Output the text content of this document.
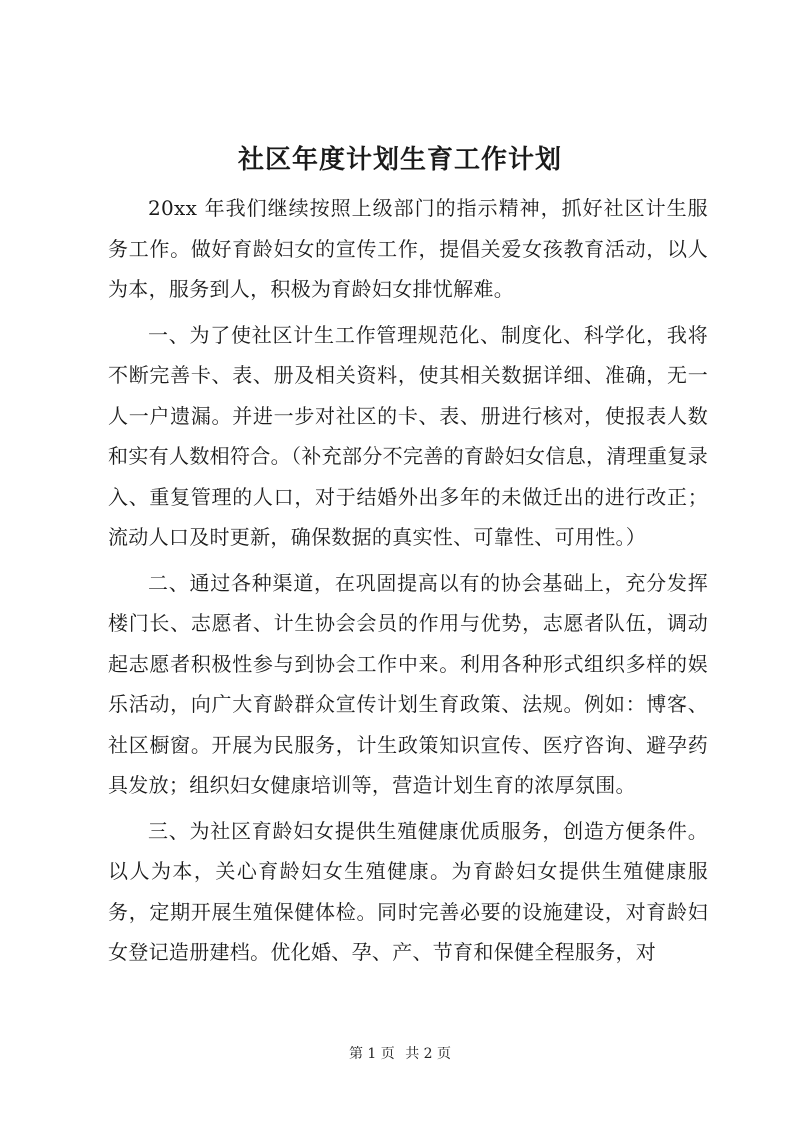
社区年度计划生育工作计划

20xx 年我们继续按照上级部门的指示精神，抓好社区计生服务工作。做好育龄妇女的宣传工作，提倡关爱女孩教育活动，以人为本，服务到人，积极为育龄妇女排忧解难。

一、为了使社区计生工作管理规范化、制度化、科学化，我将不断完善卡、表、册及相关资料，使其相关数据详细、准确，无一人一户遗漏。并进一步对社区的卡、表、册进行核对，使报表人数和实有人数相符合。（补充部分不完善的育龄妇女信息，清理重复录入、重复管理的人口，对于结婚外出多年的未做迁出的进行改正；流动人口及时更新，确保数据的真实性、可靠性、可用性。）

二、通过各种渠道，在巩固提高以有的协会基础上，充分发挥楼门长、志愿者、计生协会会员的作用与优势，志愿者队伍，调动起志愿者积极性参与到协会工作中来。利用各种形式组织多样的娱乐活动，向广大育龄群众宣传计划生育政策、法规。例如：博客、社区橱窗。开展为民服务，计生政策知识宣传、医疗咨询、避孕药具发放；组织妇女健康培训等，营造计划生育的浓厚氛围。

三、为社区育龄妇女提供生殖健康优质服务，创造方便条件。以人为本，关心育龄妇女生殖健康。为育龄妇女提供生殖健康服务，定期开展生殖保健体检。同时完善必要的设施建设，对育龄妇女登记造册建档。优化婚、孕、产、节育和保健全程服务，对

第 1 页 共 2 页
